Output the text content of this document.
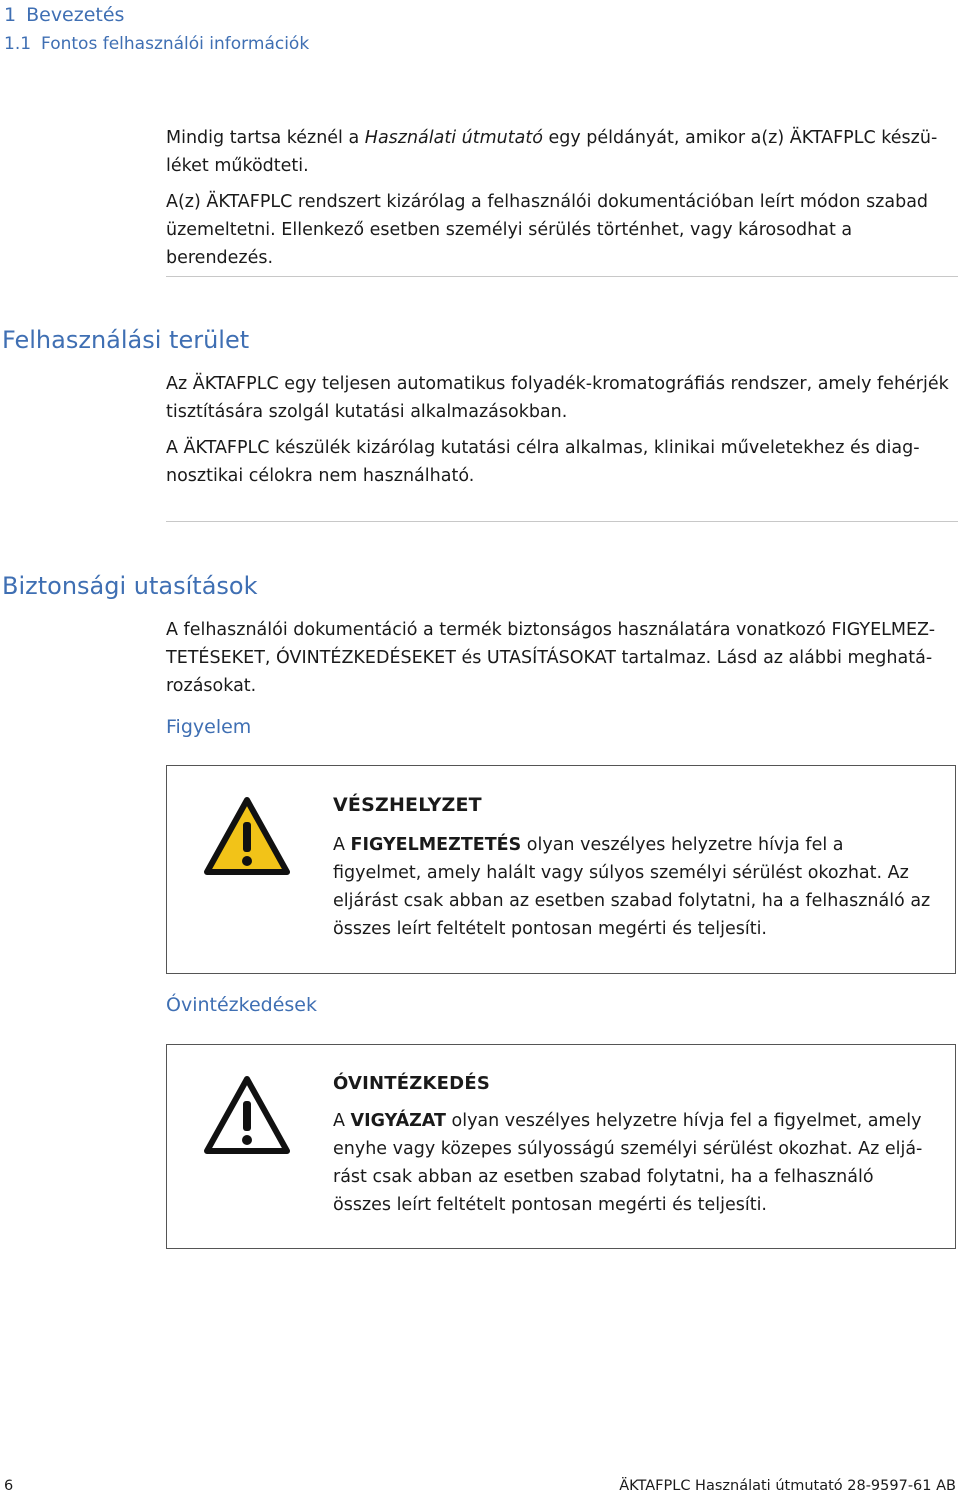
1 Bevezetés
1.1 Fontos felhasználói információk

Mindig tartsa kéznél a Használati útmutató egy példányát, amikor a(z) ÄKTAFPLC készü-léket működteti.

A(z) ÄKTAFPLC rendszert kizárólag a felhasználói dokumentációban leírt módon szabad üzemeltetni. Ellenkező esetben személyi sérülés történhet, vagy károsodhat a berendezés.

Felhasználási terület

Az ÄKTAFPLC egy teljesen automatikus folyadék-kromatográfiás rendszer, amely fehérjék tisztítására szolgál kutatási alkalmazásokban.

A ÄKTAFPLC készülék kizárólag kutatási célra alkalmas, klinikai műveletekhez és diag-nosztikai célokra nem használható.

Biztonsági utasítások

A felhasználói dokumentáció a termék biztonságos használatára vonatkozó FIGYELMEZ-TETÉSEKET, ÓVINTÉZKEDÉSEKET és UTASÍTÁSOKAT tartalmaz. Lásd az alábbi meghatá-rozásokat.

Figyelem
VÉSZHELYZET
A FIGYELMEZTETÉS olyan veszélyes helyzetre hívja fel a figyelmet, amely halált vagy súlyos személyi sérülést okozhat. Az eljárást csak abban az esetben szabad folytatni, ha a felhasználó az összes leírt feltételt pontosan megérti és teljesíti.
Óvintézkedések
ÓVINTÉZKEDÉS
A VIGYÁZAT olyan veszélyes helyzetre hívja fel a figyelmet, amely enyhe vagy közepes súlyosságú személyi sérülést okozhat. Az eljá-rást csak abban az esetben szabad folytatni, ha a felhasználó összes leírt feltételt pontosan megérti és teljesíti.
6	ÄKTAFPLC Használati útmutató 28-9597-61 AB
